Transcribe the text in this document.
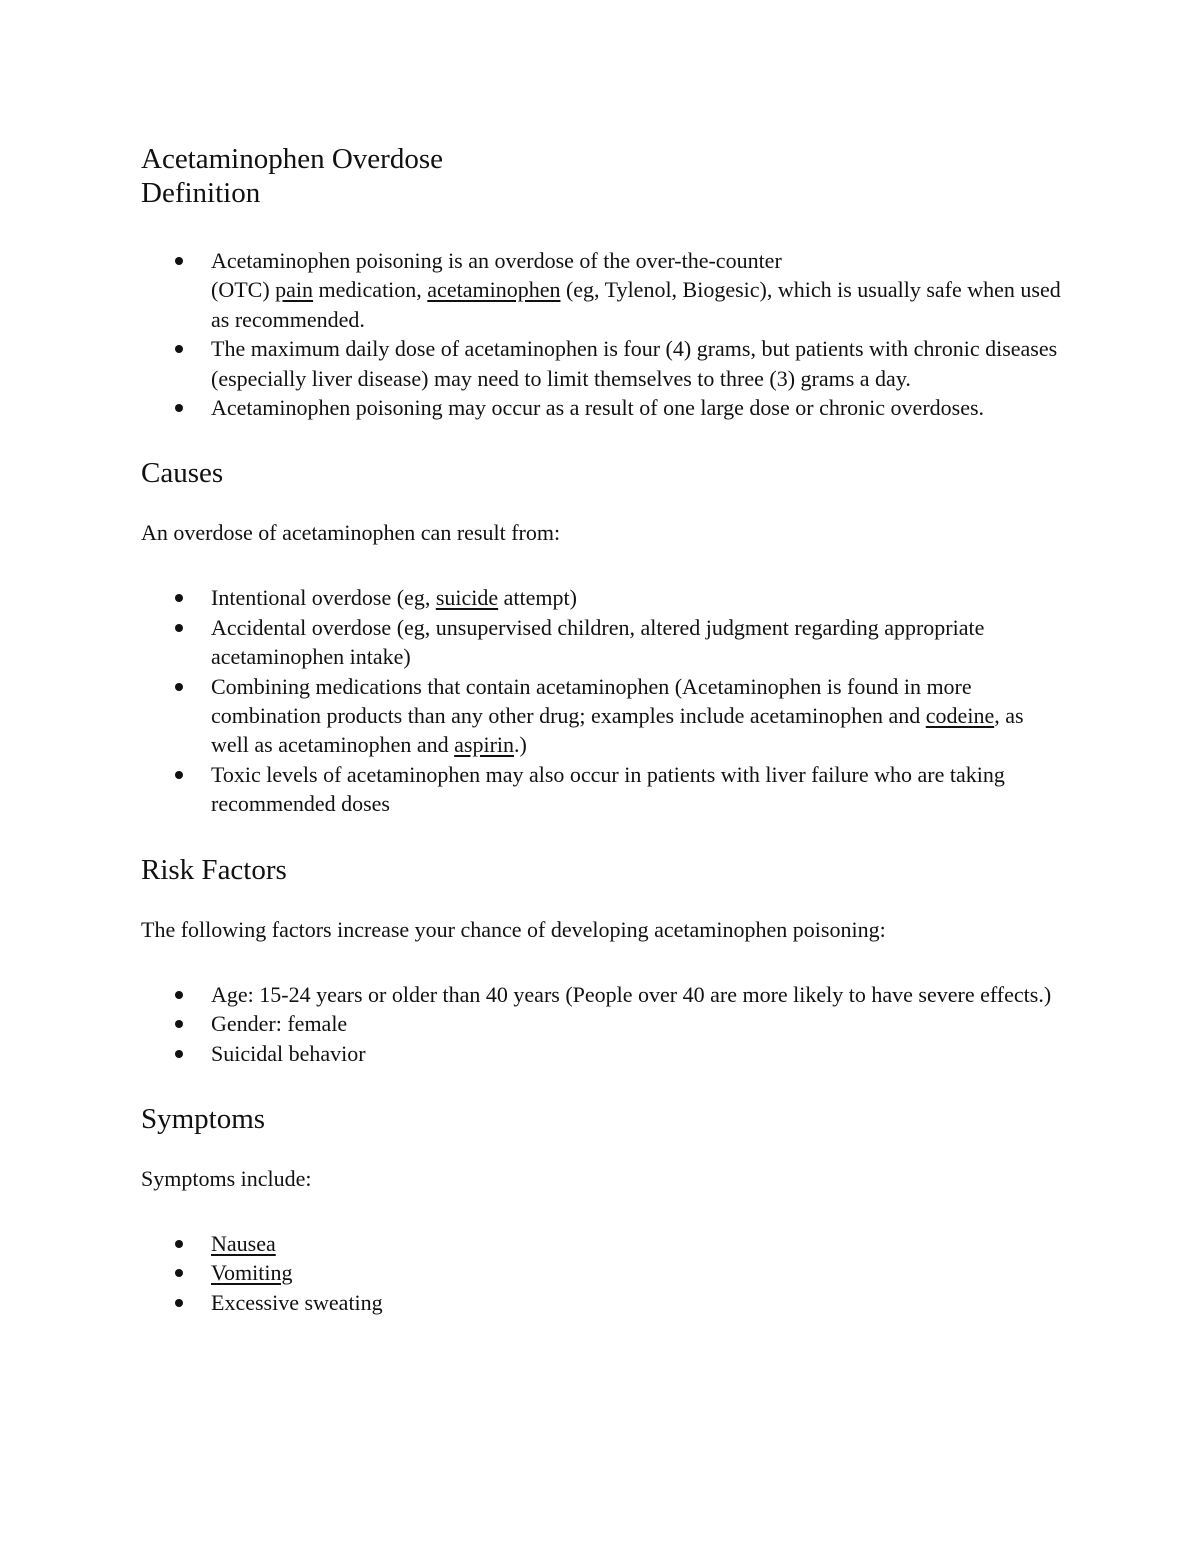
Acetaminophen Overdose
Definition
Acetaminophen poisoning is an overdose of the over-the-counter
(OTC) pain medication, acetaminophen (eg, Tylenol, Biogesic), which is usually safe when used as recommended.
The maximum daily dose of acetaminophen is four (4) grams, but patients with chronic diseases (especially liver disease) may need to limit themselves to three (3) grams a day.
Acetaminophen poisoning may occur as a result of one large dose or chronic overdoses.
Causes

An overdose of acetaminophen can result from:

Intentional overdose (eg, suicide attempt)
Accidental overdose (eg, unsupervised children, altered judgment regarding appropriate acetaminophen intake)
Combining medications that contain acetaminophen (Acetaminophen is found in more combination products than any other drug; examples include acetaminophen and codeine, as well as acetaminophen and aspirin.)
Toxic levels of acetaminophen may also occur in patients with liver failure who are taking recommended doses
Risk Factors

The following factors increase your chance of developing acetaminophen poisoning:

Age: 15-24 years or older than 40 years (People over 40 are more likely to have severe effects.)
Gender: female
Suicidal behavior
Symptoms

Symptoms include:

Nausea
Vomiting
Excessive sweating
